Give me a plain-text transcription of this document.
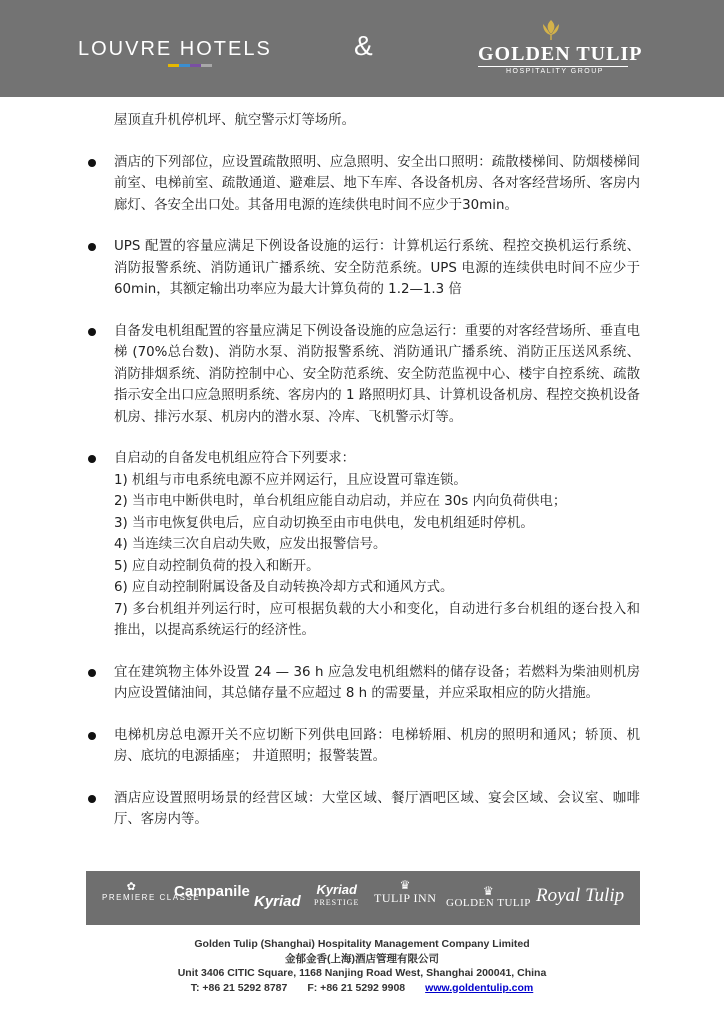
LOUVRE HOTELS	&	GOLDEN TULIP
HOSPITALITY GROUP

屋顶直升机停机坪、航空警示灯等场所。

酒店的下列部位，应设置疏散照明、应急照明、安全出口照明：疏散楼梯间、防烟楼梯间前室、电梯前室、疏散通道、避难层、地下车库、各设备机房、各对客经营场所、客房内廊灯、各安全出口处。其备用电源的连续供电时间不应少于30min。

UPS 配置的容量应满足下例设备设施的运行：计算机运行系统、程控交换机运行系统、消防报警系统、消防通讯广播系统、安全防范系统。UPS 电源的连续供电时间不应少于 60min，其额定输出功率应为最大计算负荷的 1.2—1.3 倍

自备发电机组配置的容量应满足下例设备设施的应急运行：重要的对客经营场所、垂直电梯 (70%总台数)、消防水泵、消防报警系统、消防通讯广播系统、消防正压送风系统、消防排烟系统、消防控制中心、安全防范系统、安全防范监视中心、楼宇自控系统、疏散指示安全出口应急照明系统、客房内的 1 路照明灯具、计算机设备机房、程控交换机设备机房、排污水泵、机房内的潜水泵、冷库、飞机警示灯等。

自启动的自备发电机组应符合下列要求：

1) 机组与市电系统电源不应并网运行，且应设置可靠连锁。

2) 当市电中断供电时，单台机组应能自动启动，并应在 30s 内向负荷供电；

3) 当市电恢复供电后，应自动切换至由市电供电，发电机组延时停机。

4) 当连续三次自启动失败，应发出报警信号。

5) 应自动控制负荷的投入和断开。

6) 应自动控制附属设备及自动转换冷却方式和通风方式。

7) 多台机组并列运行时，应可根据负载的大小和变化，自动进行多台机组的逐台投入和推出，以提高系统运行的经济性。

宜在建筑物主体外设置 24 — 36 h 应急发电机组燃料的储存设备；若燃料为柴油则机房内应设置储油间，其总储存量不应超过 8 h 的需要量，并应采取相应的防火措施。

电梯机房总电源开关不应切断下列供电回路：电梯轿厢、机房的照明和通风；轿顶、机房、底坑的电源插座； 井道照明；报警装置。

酒店应设置照明场景的经营区域：大堂区域、餐厅酒吧区域、宴会区域、会议室、咖啡厅、客房内等。

✿
PREMIERE CLASSE
Campanile
Kyriad
Kyriad
PRESTIGE
♛
TULIP INN	♛
GOLDEN TULIP Royal Tulip

Golden Tulip (Shanghai) Hospitality Management Company Limited

金郁金香(上海)酒店管理有限公司

Unit 3406 CITIC Square, 1168 Nanjing Road West, Shanghai 200041, China

T: +86 21 5292 8787 F: +86 21 5292 9908 www.goldentulip.com
